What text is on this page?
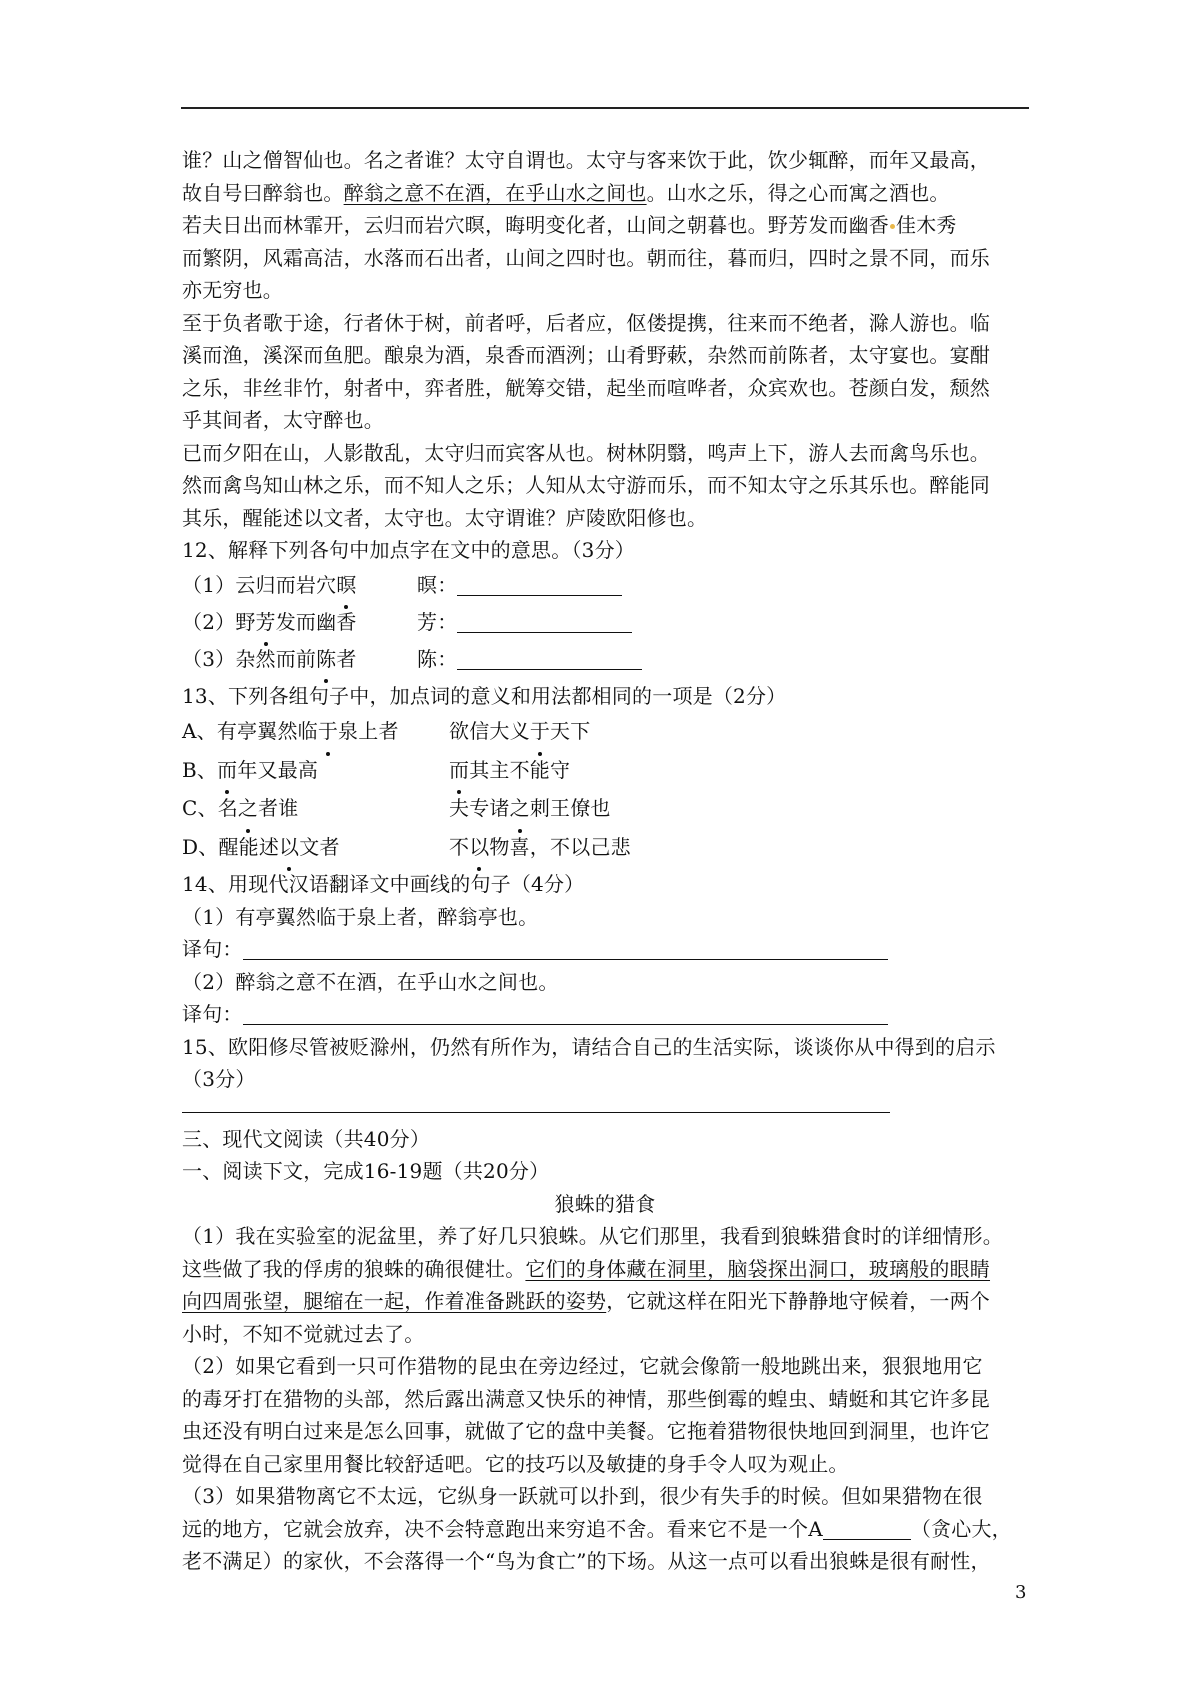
谁？山之僧智仙也。名之者谁？太守自谓也。太守与客来饮于此，饮少辄醉，而年又最高，
故自号曰醉翁也。醉翁之意不在酒，在乎山水之间也。山水之乐，得之心而寓之酒也。
若夫日出而林霏开，云归而岩穴暝，晦明变化者，山间之朝暮也。野芳发而幽香 佳木秀
而繁阴，风霜高洁，水落而石出者，山间之四时也。朝而往，暮而归，四时之景不同，而乐
亦无穷也。
至于负者歌于途，行者休于树，前者呼，后者应，伛偻提携，往来而不绝者，滁人游也。临
溪而渔，溪深而鱼肥。酿泉为酒，泉香而酒洌；山肴野蔌，杂然而前陈者，太守宴也。宴酣
之乐，非丝非竹，射者中，弈者胜，觥筹交错，起坐而喧哗者，众宾欢也。苍颜白发，颓然
乎其间者，太守醉也。
已而夕阳在山，人影散乱，太守归而宾客从也。树林阴翳，鸣声上下，游人去而禽鸟乐也。
然而禽鸟知山林之乐，而不知人之乐；人知从太守游而乐，而不知太守之乐其乐也。醉能同
其乐，醒能述以文者，太守也。太守谓谁？庐陵欧阳修也。
12、解释下列各句中加点字在文中的意思。（3分）
（1）云归而岩穴暝	暝：
（2）野芳发而幽香	芳：
（3）杂然而前陈者	陈：
13、下列各组句子中，加点词的意义和用法都相同的一项是（2分）
A、有亭翼然临于泉上者	欲信大义于天下
B、而年又最高	而其主不能守
C、名之者谁	夫专诸之刺王僚也
D、醒能述以文者	不以物喜，不以己悲
14、用现代汉语翻译文中画线的句子（4分）
（1）有亭翼然临于泉上者，醉翁亭也。
译句：
（2）醉翁之意不在酒，在乎山水之间也。
译句：
15、欧阳修尽管被贬滁州，仍然有所作为，请结合自己的生活实际，谈谈你从中得到的启示
（3分）
三、现代文阅读（共40分）
一、阅读下文，完成16-19题（共20分）
狼蛛的猎食
（1）我在实验室的泥盆里，养了好几只狼蛛。从它们那里，我看到狼蛛猎食时的详细情形。
这些做了我的俘虏的狼蛛的确很健壮。它们的身体藏在洞里，脑袋探出洞口，玻璃般的眼睛
向四周张望，腿缩在一起，作着准备跳跃的姿势，它就这样在阳光下静静地守候着，一两个
小时，不知不觉就过去了。
（2）如果它看到一只可作猎物的昆虫在旁边经过，它就会像箭一般地跳出来，狠狠地用它
的毒牙打在猎物的头部，然后露出满意又快乐的神情，那些倒霉的蝗虫、蜻蜓和其它许多昆
虫还没有明白过来是怎么回事，就做了它的盘中美餐。它拖着猎物很快地回到洞里，也许它
觉得在自己家里用餐比较舒适吧。它的技巧以及敏捷的身手令人叹为观止。
（3）如果猎物离它不太远，它纵身一跃就可以扑到，很少有失手的时候。但如果猎物在很
远的地方，它就会放弃，决不会特意跑出来穷追不舍。看来它不是一个A	（贪心大，
老不满足）的家伙，不会落得一个“鸟为食亡”的下场。从这一点可以看出狼蛛是很有耐性，
3
